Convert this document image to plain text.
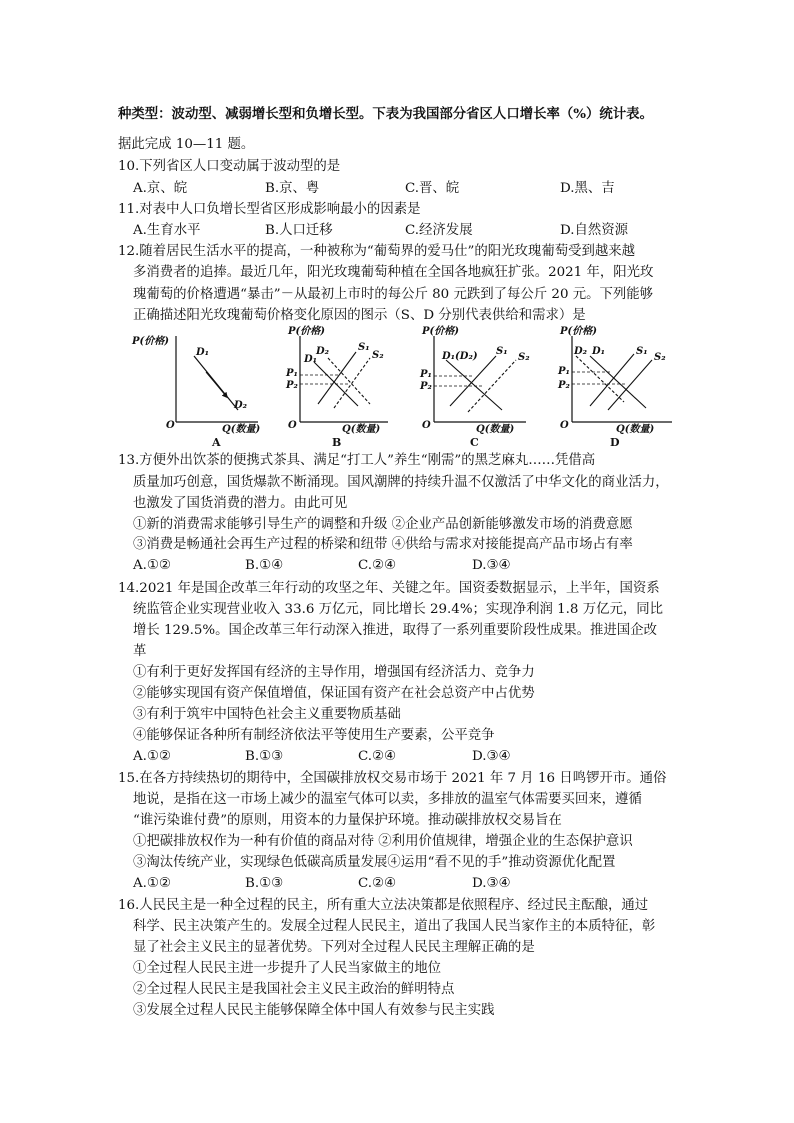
种类型：波动型、减弱增长型和负增长型。下表为我国部分省区人口增长率（%）统计表。
据此完成 10—11 题。
10.下列省区人口变动属于波动型的是
A.京、皖	B.京、粤	C.晋、皖	D.黑、吉
11.对表中人口负增长型省区形成影响最小的因素是
A.生育水平	B.人口迁移	C.经济发展	D.自然资源
12.随着居民生活水平的提高，一种被称为“葡萄界的爱马仕”的阳光玫瑰葡萄受到越来越
多消费者的追捧。最近几年，阳光玫瑰葡萄种植在全国各地疯狂扩张。2021 年，阳光玫
瑰葡萄的价格遭遇“暴击”－从最初上市时的每公斤 80 元跌到了每公斤 20 元。下列能够
正确描述阳光玫瑰葡萄价格变化原因的图示（S、D 分别代表供给和需求）是
P(价格)
O	Q(数量)
D₁
D₂
A
P(价格)
O	Q(数量)
P₁
P₂
D₁
D₂	S₁
S₂
B
P(价格)
O	Q(数量)
P₁
P₂
D₁(D₂) S₁
S₂
C
P(价格)
O	Q(数量)
P₁
P₂
D₂ D₁	S₁
S₂
D
13.方便外出饮茶的便携式茶具、满足“打工人”养生“刚需”的黑芝麻丸……凭借高
质量加巧创意，国货爆款不断涌现。国风潮牌的持续升温不仅激活了中华文化的商业活力，
也激发了国货消费的潜力。由此可见
①新的消费需求能够引导生产的调整和升级 ②企业产品创新能够激发市场的消费意愿
③消费是畅通社会再生产过程的桥梁和纽带 ④供给与需求对接能提高产品市场占有率
A.①②	B.①④	C.②④	D.③④
14.2021 年是国企改革三年行动的攻坚之年、关键之年。国资委数据显示，上半年，国资系
统监管企业实现营业收入 33.6 万亿元，同比增长 29.4%；实现净利润 1.8 万亿元，同比
增长 129.5%。国企改革三年行动深入推进，取得了一系列重要阶段性成果。推进国企改
革
①有利于更好发挥国有经济的主导作用，增强国有经济活力、竞争力
②能够实现国有资产保值增值，保证国有资产在社会总资产中占优势
③有利于筑牢中国特色社会主义重要物质基础
④能够保证各种所有制经济依法平等使用生产要素，公平竞争
A.①②	B.①③	C.②④	D.③④
15.在各方持续热切的期待中，全国碳排放权交易市场于 2021 年 7 月 16 日鸣锣开市。通俗
地说，是指在这一市场上减少的温室气体可以卖，多排放的温室气体需要买回来，遵循
“谁污染谁付费”的原则，用资本的力量保护环境。推动碳排放权交易旨在
①把碳排放权作为一种有价值的商品对待 ②利用价值规律，增强企业的生态保护意识
③淘汰传统产业，实现绿色低碳高质量发展④运用“看不见的手”推动资源优化配置
A.①②	B.①③	C.②④	D.③④
16.人民民主是一种全过程的民主，所有重大立法决策都是依照程序、经过民主酝酿，通过
科学、民主决策产生的。发展全过程人民民主，道出了我国人民当家作主的本质特征，彰
显了社会主义民主的显著优势。下列对全过程人民民主理解正确的是
①全过程人民民主进一步提升了人民当家做主的地位
②全过程人民民主是我国社会主义民主政治的鲜明特点
③发展全过程人民民主能够保障全体中国人有效参与民主实践
